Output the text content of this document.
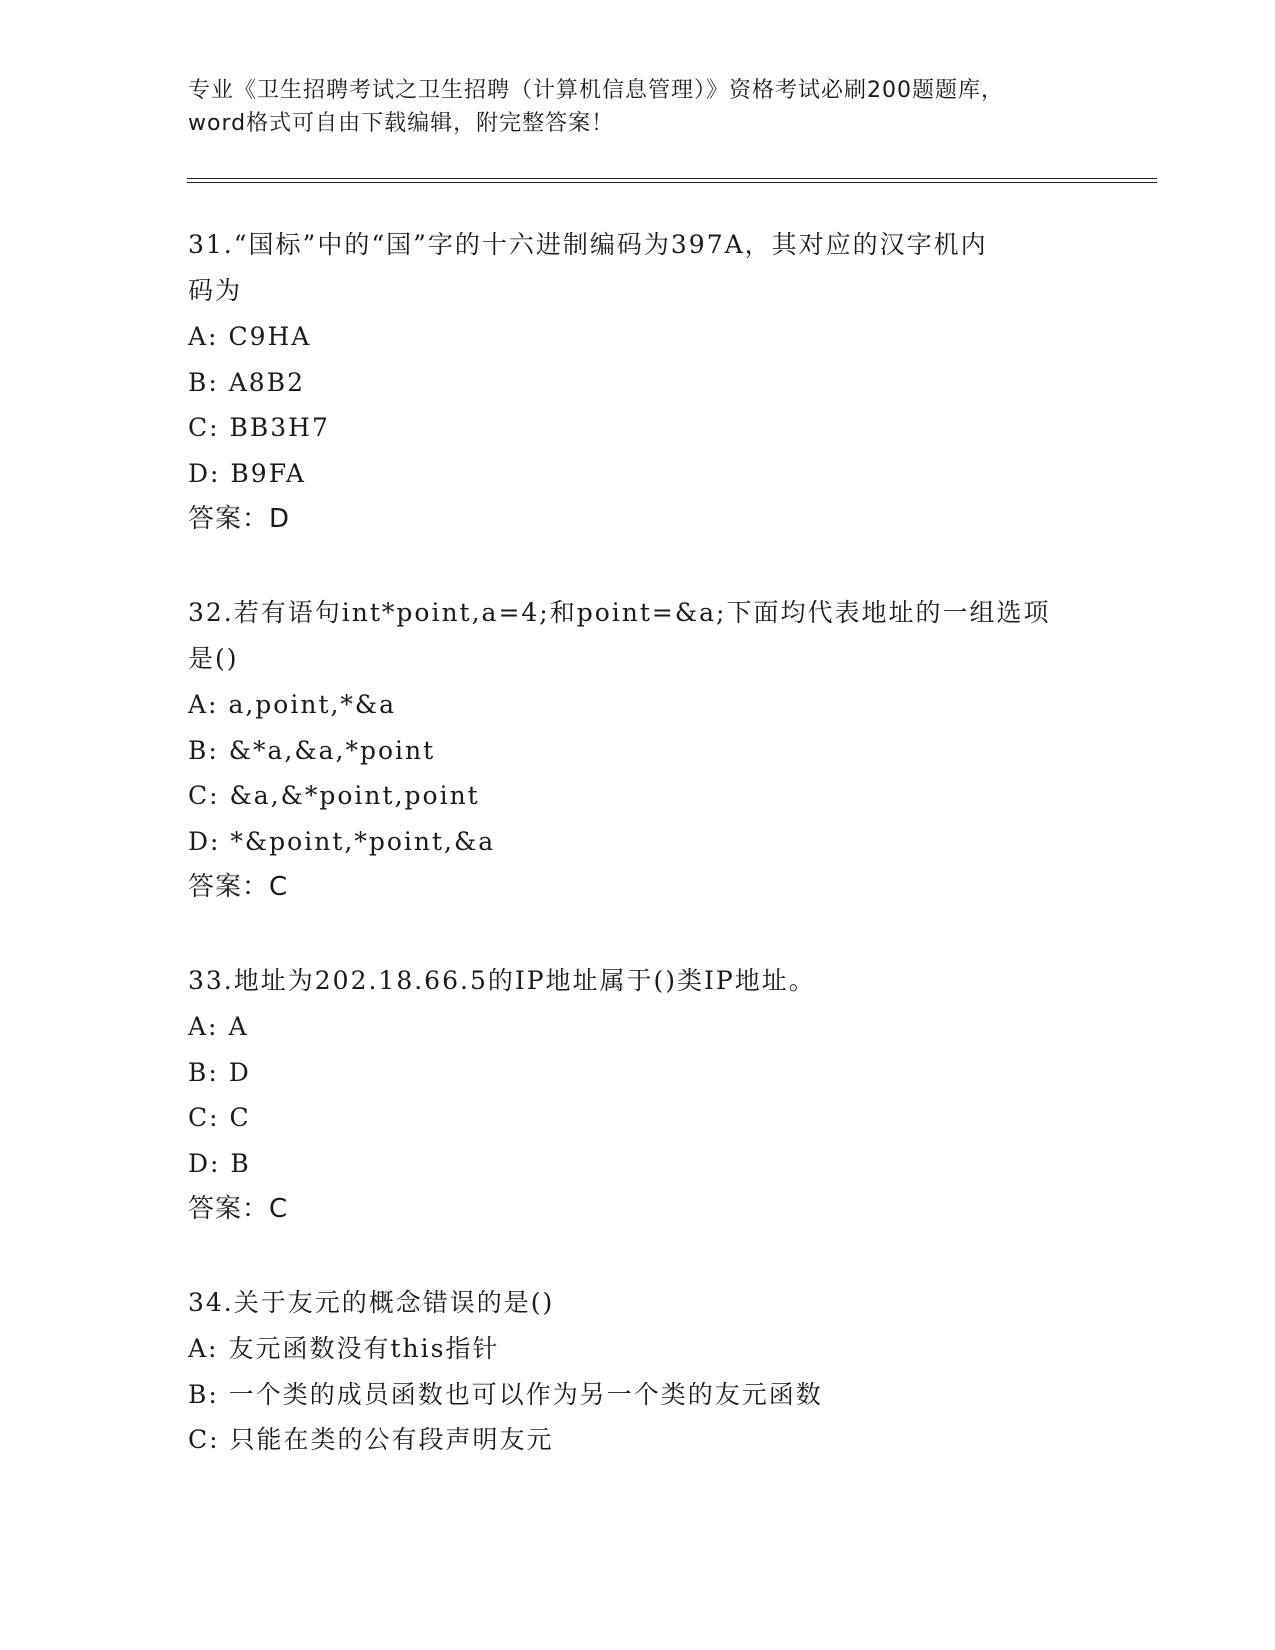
专业《卫生招聘考试之卫生招聘（计算机信息管理）》资格考试必刷200题题库，
word格式可自由下载编辑，附完整答案！
31.“国标”中的“国”字的十六进制编码为397A，其对应的汉字机内
码为
A: C9HA
B: A8B2
C: BB3H7
D: B9FA
答案：D
32.若有语句int*point,a=4;和point=&a;下面均代表地址的一组选项
是()
A: a,point,*&a
B: &*a,&a,*point
C: &a,&*point,point
D: *&point,*point,&a
答案：C
33.地址为202.18.66.5的IP地址属于()类IP地址。
A: A
B: D
C: C
D: B
答案：C
34.关于友元的概念错误的是()
A: 友元函数没有this指针
B: 一个类的成员函数也可以作为另一个类的友元函数
C: 只能在类的公有段声明友元
